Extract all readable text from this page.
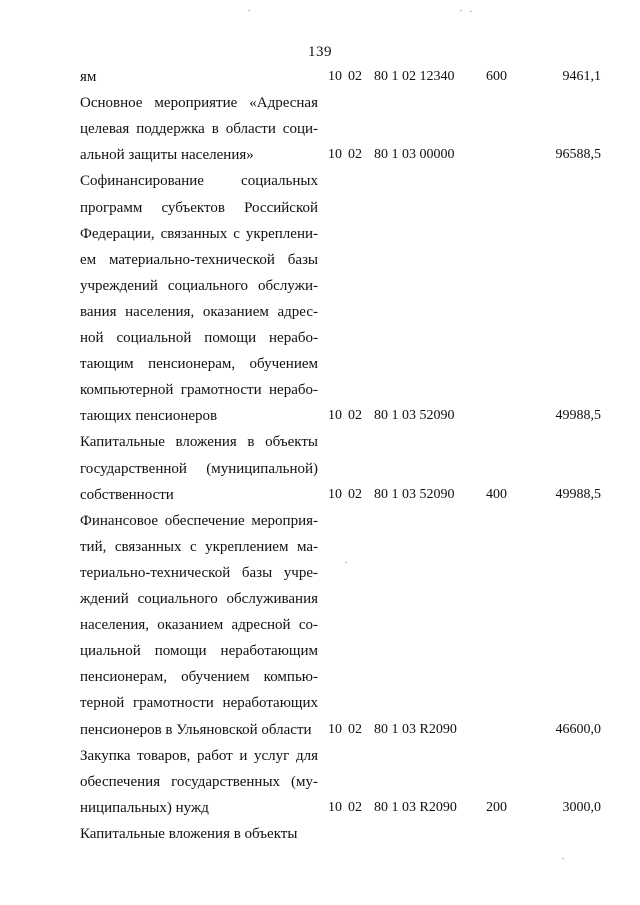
139
ям	10 02 80 1 02 12340 600	9461,1
Основное мероприятие «Адресная
целевая поддержка в области соци-
альной защиты населения»	10 02 80 1 03 00000	96588,5
Софинансирование социальных
программ субъектов Российской
Федерации, связанных с укреплени-
ем материально-технической базы
учреждений социального обслужи-
вания населения, оказанием адрес-
ной социальной помощи нерабо-
тающим пенсионерам, обучением
компьютерной грамотности нерабо-
тающих пенсионеров	10 02 80 1 03 52090	49988,5
Капитальные вложения в объекты
государственной (муниципальной)
собственности	10 02 80 1 03 52090 400	49988,5
Финансовое обеспечение мероприя-
тий, связанных с укреплением ма-
териально-технической базы учре-
ждений социального обслуживания
населения, оказанием адресной со-
циальной помощи неработающим
пенсионерам, обучением компью-
терной грамотности неработающих
пенсионеров в Ульяновской области	10 02 80 1 03 R2090	46600,0
Закупка товаров, работ и услуг для
обеспечения государственных (му-
ниципальных) нужд	10 02 80 1 03 R2090 200	3000,0
Капитальные вложения в объекты
